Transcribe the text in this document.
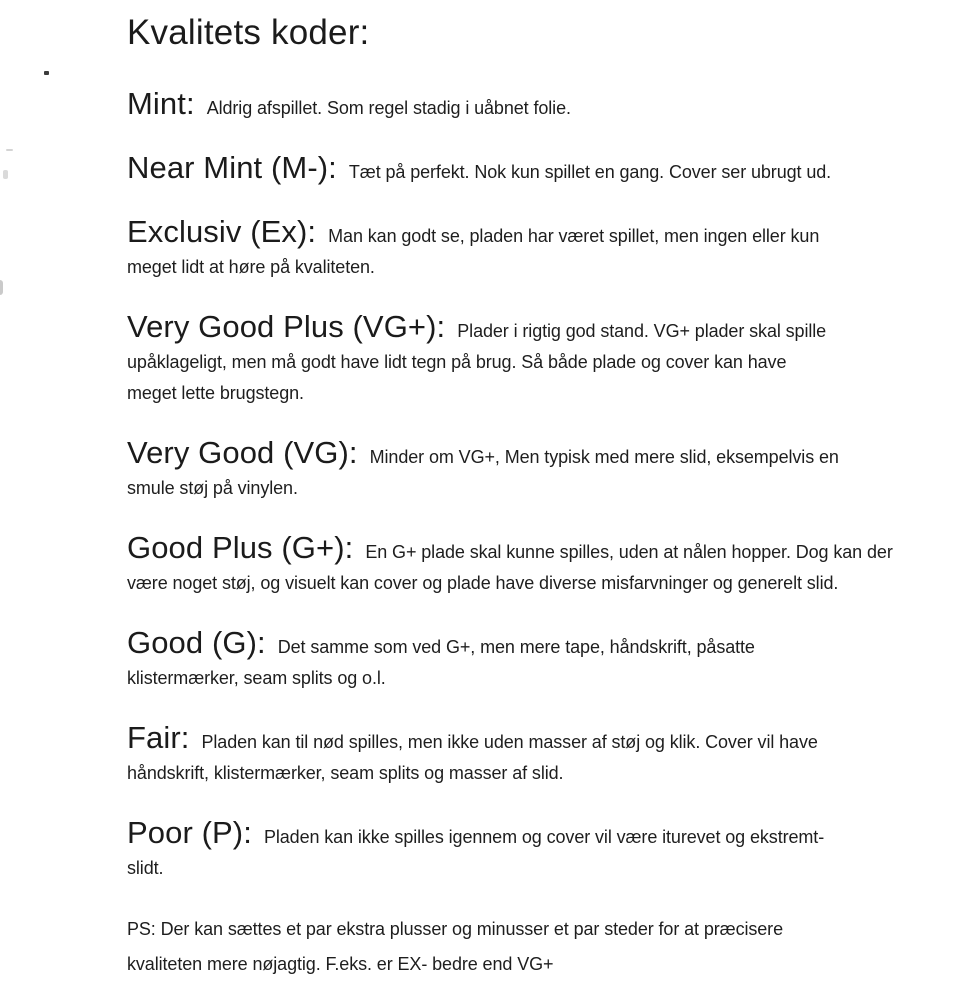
Kvalitets koder:

Mint: Aldrig afspillet. Som regel stadig i uåbnet folie.

Near Mint (M-): Tæt på perfekt. Nok kun spillet en gang. Cover ser ubrugt ud.

Exclusiv (Ex): Man kan godt se, pladen har været spillet, men ingen eller kun
meget lidt at høre på kvaliteten.

Very Good Plus (VG+): Plader i rigtig god stand. VG+ plader skal spille
upåklageligt, men må godt have lidt tegn på brug. Så både plade og cover kan have
meget lette brugstegn.

Very Good (VG): Minder om VG+, Men typisk med mere slid, eksempelvis en
smule støj på vinylen.

Good Plus (G+): En G+ plade skal kunne spilles, uden at nålen hopper. Dog kan der
være noget støj, og visuelt kan cover og plade have diverse misfarvninger og generelt slid.

Good (G): Det samme som ved G+, men mere tape, håndskrift, påsatte
klistermærker, seam splits og o.l.

Fair: Pladen kan til nød spilles, men ikke uden masser af støj og klik. Cover vil have
håndskrift, klistermærker, seam splits og masser af slid.

Poor (P): Pladen kan ikke spilles igennem og cover vil være iturevet og ekstremt-
slidt.

PS: Der kan sættes et par ekstra plusser og minusser et par steder for at præcisere
kvaliteten mere nøjagtig. F.eks. er EX- bedre end VG+
